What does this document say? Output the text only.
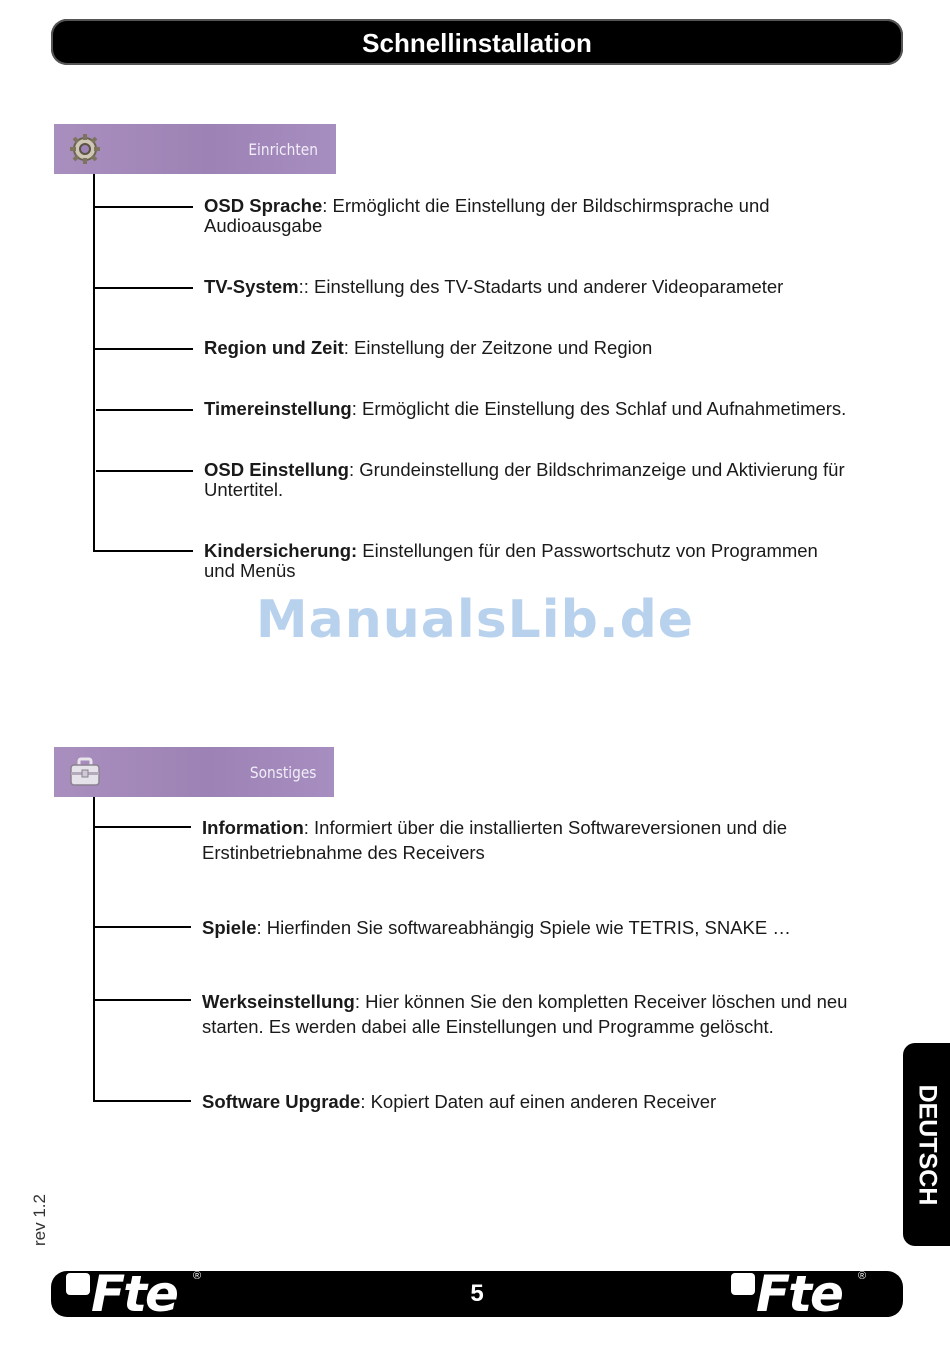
Schnellinstallation
Einrichten
OSD Sprache: Ermöglicht die Einstellung der Bildschirmsprache und
Audioausgabe
TV-System:: Einstellung des TV-Stadarts und anderer Videoparameter
Region und Zeit: Einstellung der Zeitzone und Region
Timereinstellung: Ermöglicht die Einstellung des Schlaf und Aufnahmetimers.
OSD Einstellung: Grundeinstellung der Bildschrimanzeige und Aktivierung für
Untertitel.
Kindersicherung: Einstellungen für den Passwortschutz von Programmen
und Menüs
ManualsLib.de
Sonstiges
Information: Informiert über die installierten Softwareversionen und die
Erstinbetriebnahme des Receivers
Spiele: Hierfinden Sie softwareabhängig Spiele wie TETRIS, SNAKE …
Werkseinstellung: Hier können Sie den kompletten Receiver löschen und neu
starten. Es werden dabei alle Einstellungen und Programme gelöscht.
Software Upgrade: Kopiert Daten auf einen anderen Receiver	DEUTSCH
rev 1.2
Fte ®
5	Fte ®
